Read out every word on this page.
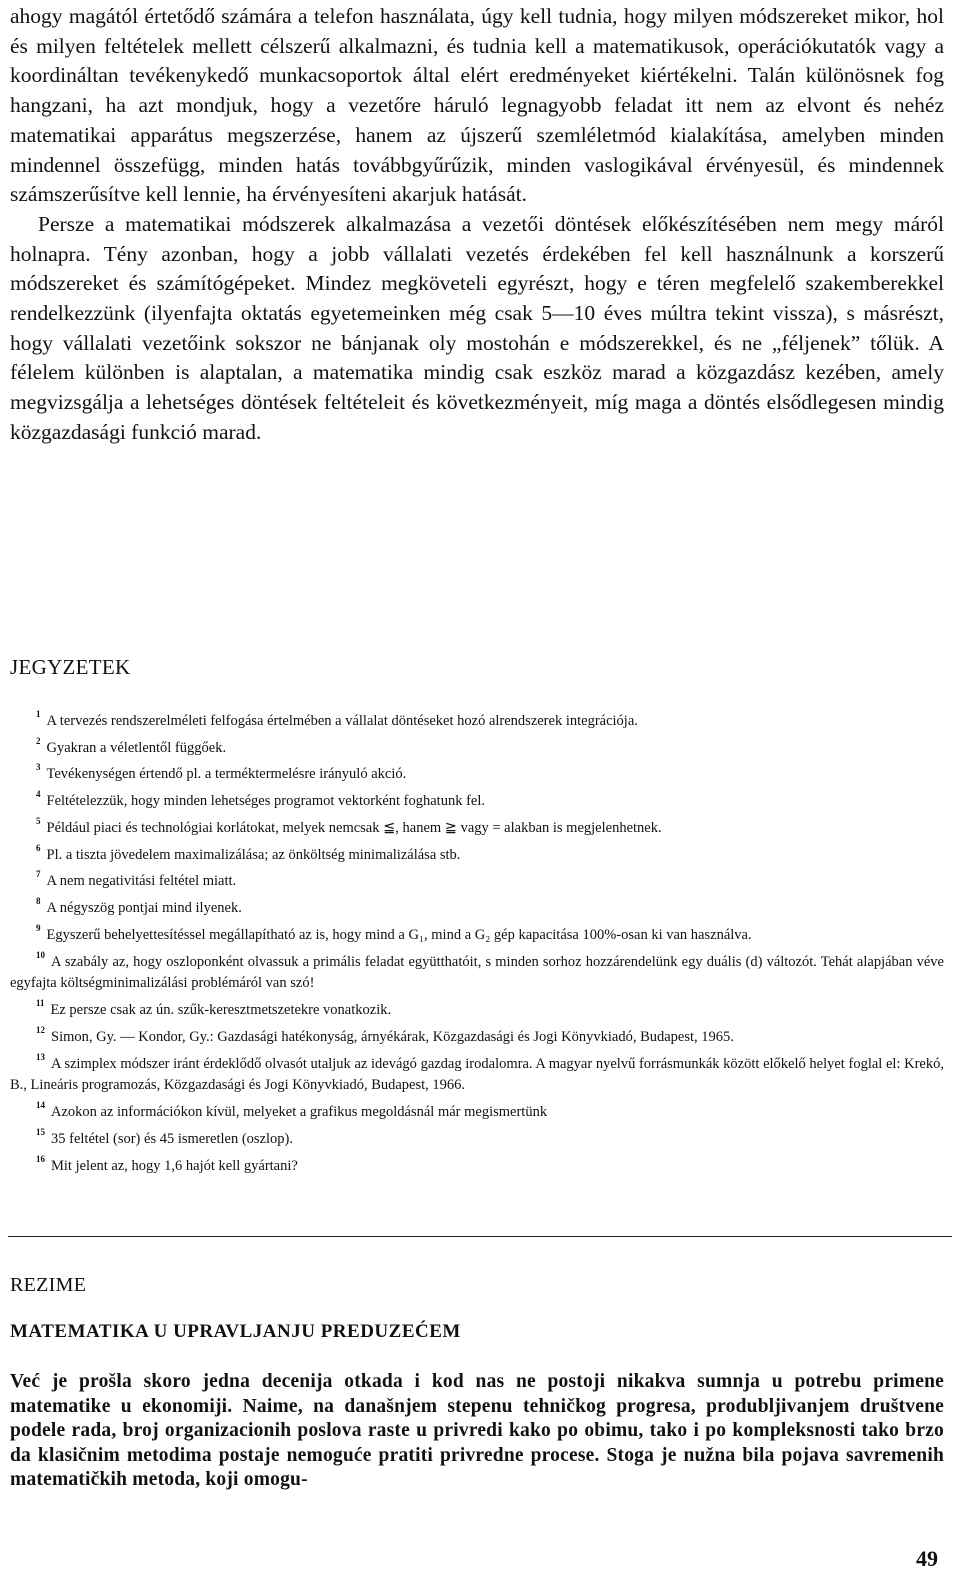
ahogy magától értetődő számára a telefon használata, úgy kell tudnia, hogy milyen módszereket mikor, hol és milyen feltételek mellett célszerű alkalmazni, és tudnia kell a matematikusok, operációkutatók vagy a koordináltan tevékenykedő munkacsoportok által elért eredményeket kiértékelni. Talán különösnek fog hangzani, ha azt mondjuk, hogy a vezetőre háruló legnagyobb feladat itt nem az elvont és nehéz matematikai apparátus megszerzése, hanem az újszerű szemléletmód kialakítása, amelyben minden mindennel összefügg, minden hatás továbbgyűrűzik, minden vaslogikával érvényesül, és mindennek számszerűsítve kell lennie, ha érvényesíteni akarjuk hatását.

Persze a matematikai módszerek alkalmazása a vezetői döntések előkészítésében nem megy máról holnapra. Tény azonban, hogy a jobb vállalati vezetés érdekében fel kell használnunk a korszerű módszereket és számítógépeket. Mindez megköveteli egyrészt, hogy e téren megfelelő szakemberekkel rendelkezzünk (ilyenfajta oktatás egyetemeinken még csak 5—10 éves múltra tekint vissza), s másrészt, hogy vállalati vezetőink sokszor ne bánjanak oly mostohán e módszerekkel, és ne „féljenek” tőlük. A félelem különben is alaptalan, a matematika mindig csak eszköz marad a közgazdász kezében, amely megvizsgálja a lehetséges döntések feltételeit és következményeit, míg maga a döntés elsődlegesen mindig közgazdasági funkció marad.

JEGYZETEK
$^1$ A tervezés rendszerelméleti felfogása értelmében a vállalat döntéseket hozó alrendszerek integrációja.
$^2$ Gyakran a véletlentől függőek.
$^3$ Tevékenységen értendő pl. a terméktermelésre irányuló akció.
$^4$ Feltételezzük, hogy minden lehetséges programot vektorként foghatunk fel.
$^5$ Például piaci és technológiai korlátokat, melyek nemcsak ≦, hanem ≧ vagy = alakban is megjelenhetnek.
$^6$ Pl. a tiszta jövedelem maximalizálása; az önköltség minimalizálása stb.
$^7$ A nem negativitási feltétel miatt.
$^8$ A négyszög pontjai mind ilyenek.
$^9$ Egyszerű behelyettesítéssel megállapítható az is, hogy mind a G₁, mind a G₂ gép kapacitása 100%-osan ki van használva.
$^{10}$ A szabály az, hogy oszloponként olvassuk a primális feladat együtthatóit, s minden sorhoz hozzárendelünk egy duális (d) változót. Tehát alapjában véve egyfajta költségminimalizálási problémáról van szó!
$^{11}$ Ez persze csak az ún. szűk-keresztmetszetekre vonatkozik.
$^{12}$ Simon, Gy. — Kondor, Gy.: Gazdasági hatékonyság, árnyékárak, Közgazdasági és Jogi Könyvkiadó, Budapest, 1965.
$^{13}$ A szimplex módszer iránt érdeklődő olvasót utaljuk az idevágó gazdag irodalomra. A magyar nyelvű forrásmunkák között előkelő helyet foglal el: Krekó, B., Lineáris programozás, Közgazdasági és Jogi Könyvkiadó, Budapest, 1966.
$^{14}$ Azokon az információkon kívül, melyeket a grafikus megoldásnál már megismertünk
$^{15}$ 35 feltétel (sor) és 45 ismeretlen (oszlop).
$^{16}$ Mit jelent az, hogy 1,6 hajót kell gyártani?
REZIME
MATEMATIKA U UPRAVLJANJU PREDUZEĆEM

Već je prošla skoro jedna decenija otkada i kod nas ne postoji nikakva sumnja u potrebu primene matematike u ekonomiji. Naime, na današnjem stepenu tehničkog progresa, produbljivanjem društvene podele rada, broj organizacionih poslova raste u privredi kako po obimu, tako i po kompleksnosti tako brzo da klasičnim metodima postaje nemoguće pratiti privredne procese. Stoga je nužna bila pojava savremenih matematičkih metoda, koji omogu-

49
